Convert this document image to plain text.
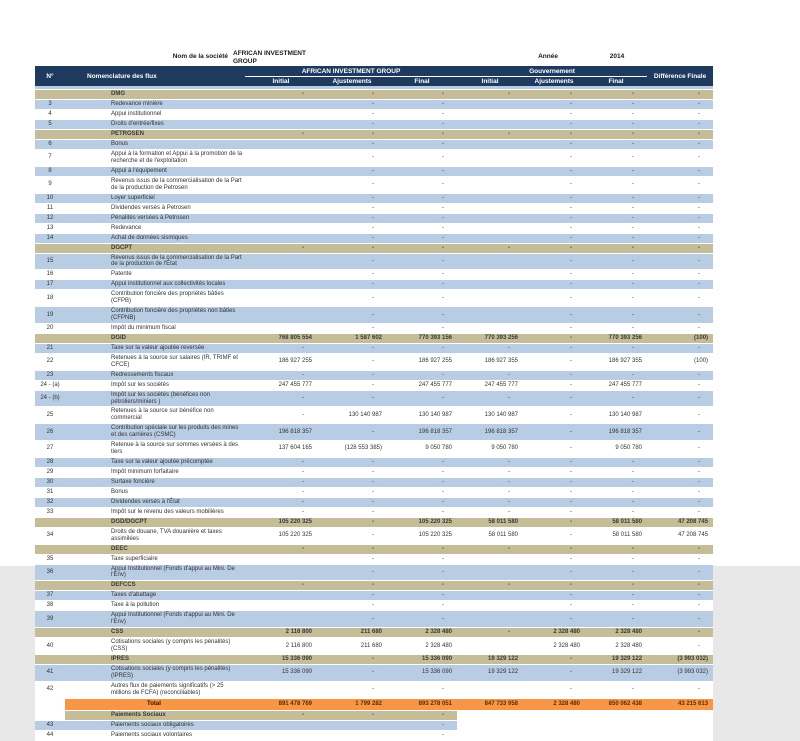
Nom de la société AFRICAN INVESTMENT GROUP
Année	2014
N°	Nomenclature des flux	AFRICAN INVESTMENT GROUP			Gouvernement			Différence Finale
		Initial	Ajustements	Final	Initial	Ajustements	Final	

	DMG	-	-	-	-	-	-	-
3	Redevance minière		-	-		-	-	-
4	Appui institutionnel		-	-		-	-	-
5	Droits d'entrée/fixes		-	-		-	-	-
	PETROSEN	-	-	-	-	-	-	-
6	Bonus		-	-		-	-	-
7	Appui à la formation et Appui à la promotion de la recherche et de l'exploitation		-	-		-	-	-
8	Appui à l'équipement		-	-		-	-	-
9	Revenus issus de la commercialisation de la Part de la production de Petrosen		-	-		-	-	-
10	Loyer superficiel		-	-		-	-	-
11	Dividendes versés à Petrosen		-	-		-	-	-
12	Pénalités versées à Petrosen		-	-		-	-	-
13	Redevance		-	-		-	-	-
14	Achat de données sismiques		-	-		-	-	-
	DGCPT	-	-	-	-	-	-	-
15	Revenus issus de la commercialisation de la Part de la production de l'État		-	-		-	-	-
16	Patente		-	-		-	-	-
17	Appui institutionnel aux collectivités locales		-	-		-	-	-
18	Contribution foncière des propriétés bâties (CFPB)		-	-		-	-	-
19	Contribution foncière des propriétés non bâties (CFPNB)		-	-		-	-	-
20	Impôt du minimum fiscal		-	-		-	-	-
	DGID	768 805 554	1 587 602	770 393 156	770 393 256	-	770 393 256	(100)
21	Taxe sur la valeur ajoutée reversée	-	-	-	-	-	-	-
22	Retenues à la source sur salaires (IR, TRIMF et CFCE)	186 927 255	-	186 927 255	186 927 355	-	186 927 355	(100)
23	Redressements fiscaux	-	-	-	-	-	-	-
24 - (a)	Impôt sur les sociétés	247 455 777	-	247 455 777	247 455 777	-	247 455 777	-
24 - (b)	Impôt sur les sociétés (bénéfices non pétroliers/miniers )	-	-	-	-	-	-	-
25	Retenues à la source sur bénéfice non commercial	-	130 140 987	130 140 987	130 140 987	-	130 140 987	-
26	Contribution spéciale sur les produits des mines et des carrières (CSMC)	196 818 357	-	196 818 357	196 818 357	-	196 818 357	-
27	Retenue à la source sur sommes versées à des tiers	137 604 165	(128 553 385)	9 050 780	9 050 780	-	9 050 780	-
28	Taxe sur la valeur ajoutée précomptée	-	-	-	-	-	-	-
29	Impôt minimum forfaitaire	-	-	-	-	-	-	-
30	Surtaxe foncière	-	-	-	-	-	-	-
31	Bonus	-	-	-	-	-	-	-
32	Dividendes versés à l'État	-	-	-	-	-	-	-
33	Impôt sur le revenu des valeurs mobilières	-	-	-	-	-	-	-
	DGD/DGCPT	105 220 325	-	105 220 325	58 011 580	-	58 011 580	47 208 745
34	Droits de douane, TVA douanière et taxes assimilées	105 220 325	-	105 220 325	58 011 580	-	58 011 580	47 208 745
	DEEC	-	-	-	-	-	-	-
35	Taxe superficiaire		-	-		-	-	-
36	Appui Institutionnel (Fonds d'appui au Mini. De l'Env)		-	-		-	-	-
	DEFCCS	-	-	-	-	-	-	-
37	Taxes d'abattage		-	-		-	-	-
38	Taxe à la pollution		-	-		-	-	-
39	Appui Institutionnel (Fonds d'appui au Mini. De l'Env)		-	-		-	-	-
	CSS	2 116 800	211 680	2 328 480	-	2 328 480	2 328 480	-
40	Cotisations sociales (y compris les pénalités)(CSS)	2 116 800	211 680	2 328 480		2 328 480	2 328 480	-
	IPRES	15 336 090	-	15 336 090	19 329 122	-	19 329 122	(3 993 032)
41	Cotisations sociales (y compris les pénalités)(IPRES)	15 336 090	-	15 336 090	19 329 122	-	19 329 122	(3 993 032)
42	Autres flux de paiements significatifs (> 25 millions de FCFA) (reconciliables)		-	-		-	-	-
	Total	891 478 769	1 799 282	893 278 051	847 733 958	2 328 480	850 062 438	43 215 613
	Paiements Sociaux	-	-	-				
43	Paiements sociaux obligatoires			-				
44	Paiements sociaux volontaires			-				
